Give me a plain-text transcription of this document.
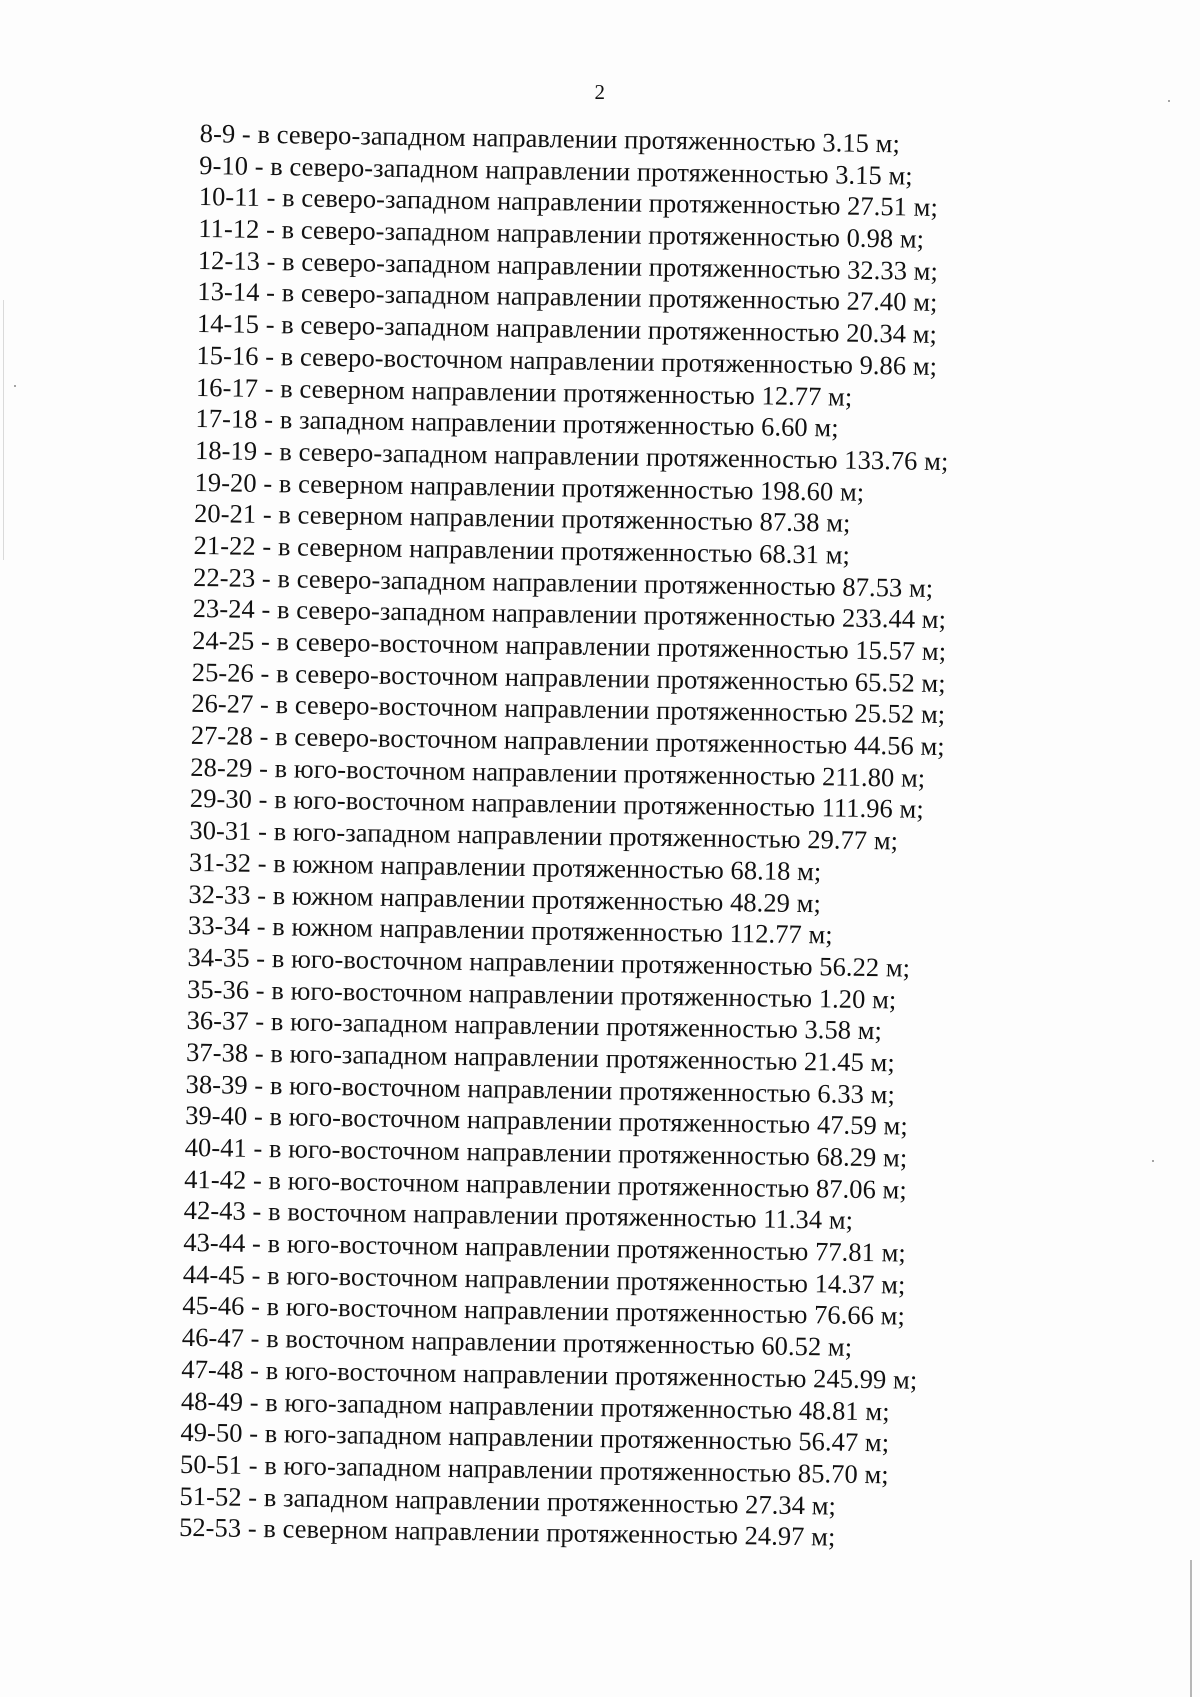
2
8-9 - в северо-западном направлении протяженностью 3.15 м;
9-10 - в северо-западном направлении протяженностью 3.15 м;
10-11 - в северо-западном направлении протяженностью 27.51 м;
11-12 - в северо-западном направлении протяженностью 0.98 м;
12-13 - в северо-западном направлении протяженностью 32.33 м;
13-14 - в северо-западном направлении протяженностью 27.40 м;
14-15 - в северо-западном направлении протяженностью 20.34 м;
15-16 - в северо-восточном направлении протяженностью 9.86 м;
16-17 - в северном направлении протяженностью 12.77 м;
17-18 - в западном направлении протяженностью 6.60 м;
18-19 - в северо-западном направлении протяженностью 133.76 м;
19-20 - в северном направлении протяженностью 198.60 м;
20-21 - в северном направлении протяженностью 87.38 м;
21-22 - в северном направлении протяженностью 68.31 м;
22-23 - в северо-западном направлении протяженностью 87.53 м;
23-24 - в северо-западном направлении протяженностью 233.44 м;
24-25 - в северо-восточном направлении протяженностью 15.57 м;
25-26 - в северо-восточном направлении протяженностью 65.52 м;
26-27 - в северо-восточном направлении протяженностью 25.52 м;
27-28 - в северо-восточном направлении протяженностью 44.56 м;
28-29 - в юго-восточном направлении протяженностью 211.80 м;
29-30 - в юго-восточном направлении протяженностью 111.96 м;
30-31 - в юго-западном направлении протяженностью 29.77 м;
31-32 - в южном направлении протяженностью 68.18 м;
32-33 - в южном направлении протяженностью 48.29 м;
33-34 - в южном направлении протяженностью 112.77 м;
34-35 - в юго-восточном направлении протяженностью 56.22 м;
35-36 - в юго-восточном направлении протяженностью 1.20 м;
36-37 - в юго-западном направлении протяженностью 3.58 м;
37-38 - в юго-западном направлении протяженностью 21.45 м;
38-39 - в юго-восточном направлении протяженностью 6.33 м;
39-40 - в юго-восточном направлении протяженностью 47.59 м;
40-41 - в юго-восточном направлении протяженностью 68.29 м;
41-42 - в юго-восточном направлении протяженностью 87.06 м;
42-43 - в восточном направлении протяженностью 11.34 м;
43-44 - в юго-восточном направлении протяженностью 77.81 м;
44-45 - в юго-восточном направлении протяженностью 14.37 м;
45-46 - в юго-восточном направлении протяженностью 76.66 м;
46-47 - в восточном направлении протяженностью 60.52 м;
47-48 - в юго-восточном направлении протяженностью 245.99 м;
48-49 - в юго-западном направлении протяженностью 48.81 м;
49-50 - в юго-западном направлении протяженностью 56.47 м;
50-51 - в юго-западном направлении протяженностью 85.70 м;
51-52 - в западном направлении протяженностью 27.34 м;
52-53 - в северном направлении протяженностью 24.97 м;
